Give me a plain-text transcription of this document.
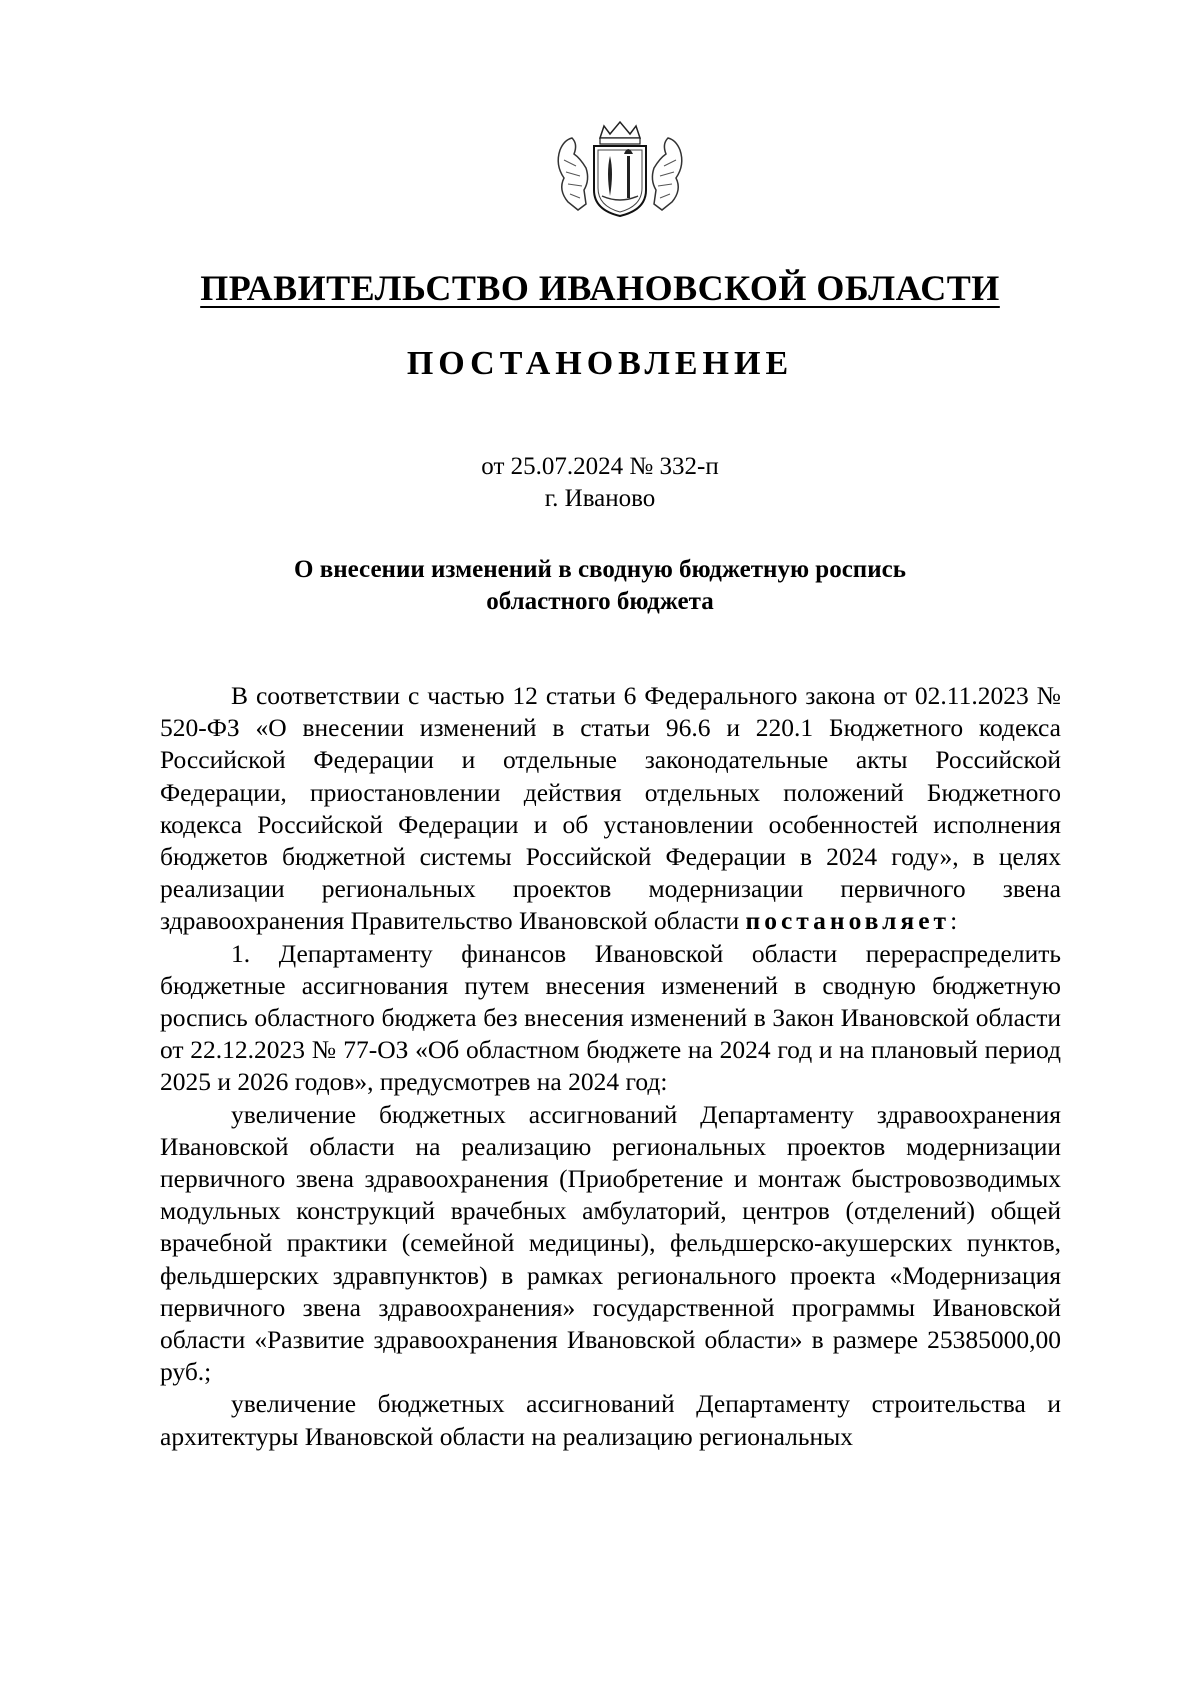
ПРАВИТЕЛЬСТВО ИВАНОВСКОЙ ОБЛАСТИ
ПОСТАНОВЛЕНИЕ
от 25.07.2024 № 332-п
г. Иваново
О внесении изменений в сводную бюджетную роспись
областного бюджета

В соответствии с частью 12 статьи 6 Федерального закона от 02.11.2023 № 520-ФЗ «О внесении изменений в статьи 96.6 и 220.1 Бюджетного кодекса Российской Федерации и отдельные законодательные акты Российской Федерации, приостановлении действия отдельных положений Бюджетного кодекса Российской Федерации и об установлении особенностей исполнения бюджетов бюджетной системы Российской Федерации в 2024 году», в целях реализации региональных проектов модернизации первичного звена здравоохранения Правительство Ивановской области постановляет:

1. Департаменту финансов Ивановской области перераспределить бюджетные ассигнования путем внесения изменений в сводную бюджетную роспись областного бюджета без внесения изменений в Закон Ивановской области от 22.12.2023 № 77-ОЗ «Об областном бюджете на 2024 год и на плановый период 2025 и 2026 годов», предусмотрев на 2024 год:

увеличение бюджетных ассигнований Департаменту здравоохранения Ивановской области на реализацию региональных проектов модернизации первичного звена здравоохранения (Приобретение и монтаж быстровозводимых модульных конструкций врачебных амбулаторий, центров (отделений) общей врачебной практики (семейной медицины), фельдшерско-акушерских пунктов, фельдшерских здравпунктов) в рамках регионального проекта «Модернизация первичного звена здравоохранения» государственной программы Ивановской области «Развитие здравоохранения Ивановской области» в размере 25385000,00 руб.;

увеличение бюджетных ассигнований Департаменту строительства и архитектуры Ивановской области на реализацию региональных
